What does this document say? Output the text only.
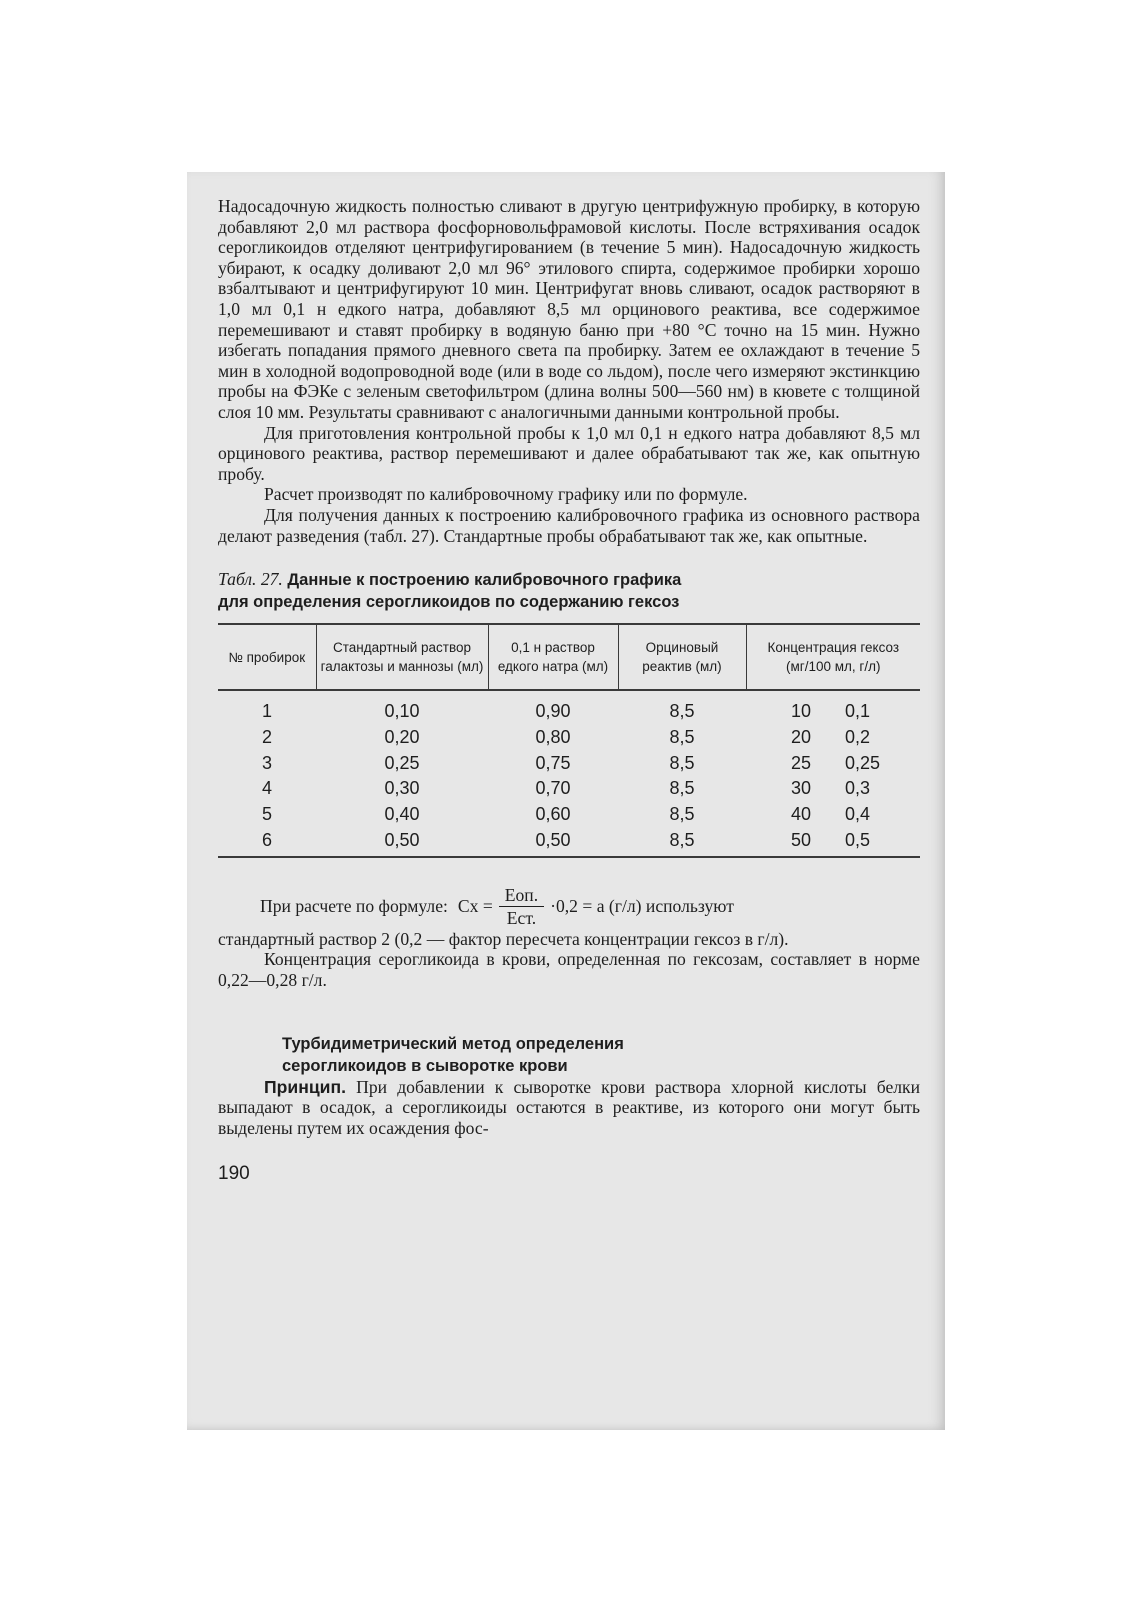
Надосадочную жидкость полностью сливают в другую центрифужную пробирку, в которую добавляют 2,0 мл раствора фосфорновольфрамовой кислоты. После встряхивания осадок серогликоидов отделяют центрифугированием (в течение 5 мин). Надосадочную жидкость убирают, к осадку доливают 2,0 мл 96° этилового спирта, содержимое пробирки хорошо взбалтывают и центрифугируют 10 мин. Центрифугат вновь сливают, осадок растворяют в 1,0 мл 0,1 н едкого натра, добавляют 8,5 мл орцинового реактива, все содержимое перемешивают и ставят пробирку в водяную баню при +80 °С точно на 15 мин. Нужно избегать попадания прямого дневного света па пробирку. Затем ее охлаждают в течение 5 мин в холодной водопроводной воде (или в воде со льдом), после чего измеряют экстинкцию пробы на ФЭКе с зеленым светофильтром (длина волны 500—560 нм) в кювете с толщиной слоя 10 мм. Результаты сравнивают с аналогичными данными контрольной пробы.

Для приготовления контрольной пробы к 1,0 мл 0,1 н едкого натра добавляют 8,5 мл орцинового реактива, раствор перемешивают и далее обрабатывают так же, как опытную пробу.

Расчет производят по калибровочному графику или по формуле.

Для получения данных к построению калибровочного графика из основного раствора делают разведения (табл. 27). Стандартные пробы обрабатывают так же, как опытные.

Табл. 27. Данные к построению калибровочного графика
для определения серогликоидов по содержанию гексоз
№ пробирок	Стандартный раствор галактозы и маннозы (мл)	0,1 н раствор едкого натра (мл)	Орциновый реактив (мл)	Концентрация гексоз (мг/100 мл, г/л)
1	0,10	0,90	8,5	10 0,1

2	0,20	0,80	8,5	20 0,2

3	0,25	0,75	8,5	25 0,25

4	0,30	0,70	8,5	30 0,3

5	0,40	0,60	8,5	40 0,4

6	0,50	0,50	8,5	50 0,5
При расчете по формуле: Сx = $\frac{\text{Eоп.}}{\text{Eст.}} \cdot 0,2 = а$ (г/л) используют

стандартный раствор 2 (0,2 — фактор пересчета концентрации гексоз в г/л).

Концентрация серогликоида в крови, определенная по гексозам, составляет в норме 0,22—0,28 г/л.

Турбидиметрический метод определения
серогликоидов в сыворотке крови

Принцип. При добавлении к сыворотке крови раствора хлорной кислоты белки выпадают в осадок, а серогликоиды остаются в реактиве, из которого они могут быть выделены путем их осаждения фос-

190
